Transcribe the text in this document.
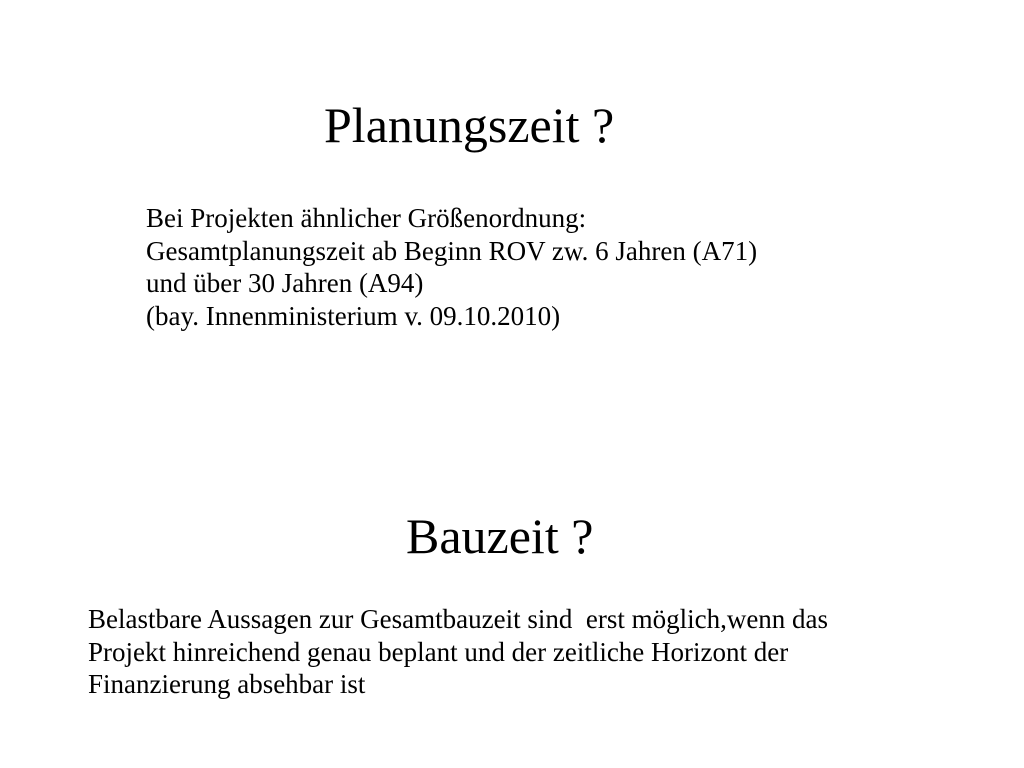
Planungszeit ?
Bei Projekten ähnlicher Größenordnung:
Gesamtplanungszeit ab Beginn ROV zw. 6 Jahren (A71)
und über 30 Jahren (A94)
(bay. Innenministerium v. 09.10.2010)
Bauzeit ?
Belastbare Aussagen zur Gesamtbauzeit sind  erst möglich,wenn das
Projekt hinreichend genau beplant und der zeitliche Horizont der
Finanzierung absehbar ist
